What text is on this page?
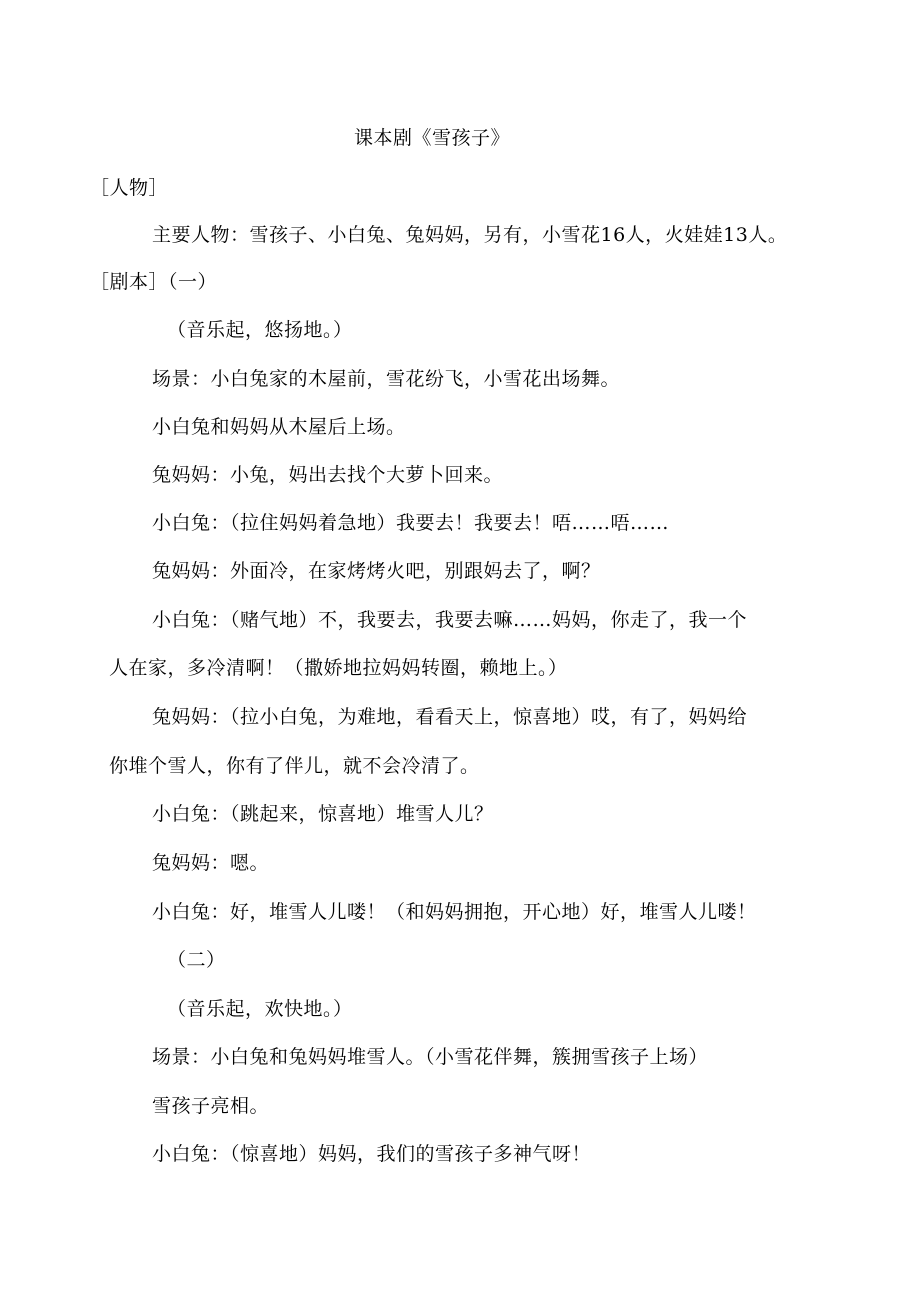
课本剧《雪孩子》
［人物］
主要人物：雪孩子、小白兔、兔妈妈，另有，小雪花16人，火娃娃13人。
［剧本］（一）
（音乐起，悠扬地。）
场景：小白兔家的木屋前，雪花纷飞，小雪花出场舞。
小白兔和妈妈从木屋后上场。
兔妈妈：小兔，妈出去找个大萝卜回来。
小白兔：（拉住妈妈着急地）我要去！我要去！唔……唔……
兔妈妈：外面冷，在家烤烤火吧，别跟妈去了，啊？
小白兔：（赌气地）不，我要去，我要去嘛……妈妈，你走了，我一个
人在家，多冷清啊！（撒娇地拉妈妈转圈，赖地上。）
兔妈妈：（拉小白兔，为难地，看看天上，惊喜地）哎，有了，妈妈给
你堆个雪人，你有了伴儿，就不会冷清了。
小白兔：（跳起来，惊喜地）堆雪人儿？
兔妈妈：嗯。
小白兔：好，堆雪人儿喽！（和妈妈拥抱，开心地）好，堆雪人儿喽！
（二）
（音乐起，欢快地。）
场景：小白兔和兔妈妈堆雪人。（小雪花伴舞，簇拥雪孩子上场）
雪孩子亮相。
小白兔：（惊喜地）妈妈，我们的雪孩子多神气呀！
